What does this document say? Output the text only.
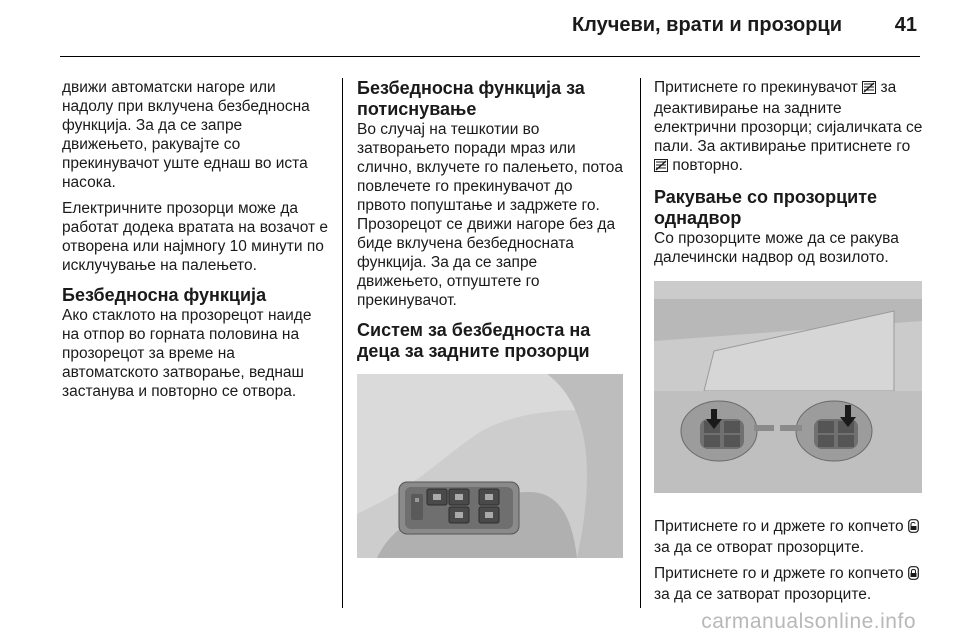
Клучеви, врати и прозорци	41

движи автоматски нагоре или надолу при вклучена безбедносна функција. За да се запре движењето, ракувајте со прекинувачот уште еднаш во иста насока.

Електричните прозорци може да работат додека вратата на возачот е отворена или најмногу 10 минути по исклучување на палењето.

Безбедносна функција

Ако стаклото на прозорецот наиде на отпор во горната половина на прозорецот за време на автоматското затворање, веднаш застанува и повторно се отвора.

Безбедносна функција за потиснување

Во случај на тешкотии во затворањето поради мраз или слично, вклучете го палењето, потоа повлечете го прекинувачот до првото попуштање и задржете го. Прозорецот се движи нагоре без да биде вклучена безбедносната функција. За да се запре движењето, отпуштете го прекинувачот.

Систем за безбедноста на деца за задните прозорци

Притиснете го прекинувачот за деактивирање на задните електрични прозорци; сијаличката се пали. За активирање притиснете го  повторно.

Ракување со прозорците однадвор

Со прозорците може да се ракува далечински надвор од возилото.

Притиснете го и држете го копчето  за да се отворат прозорците.

Притиснете го и држете го копчето  за да се затворат прозорците.

carmanualsonline.info
